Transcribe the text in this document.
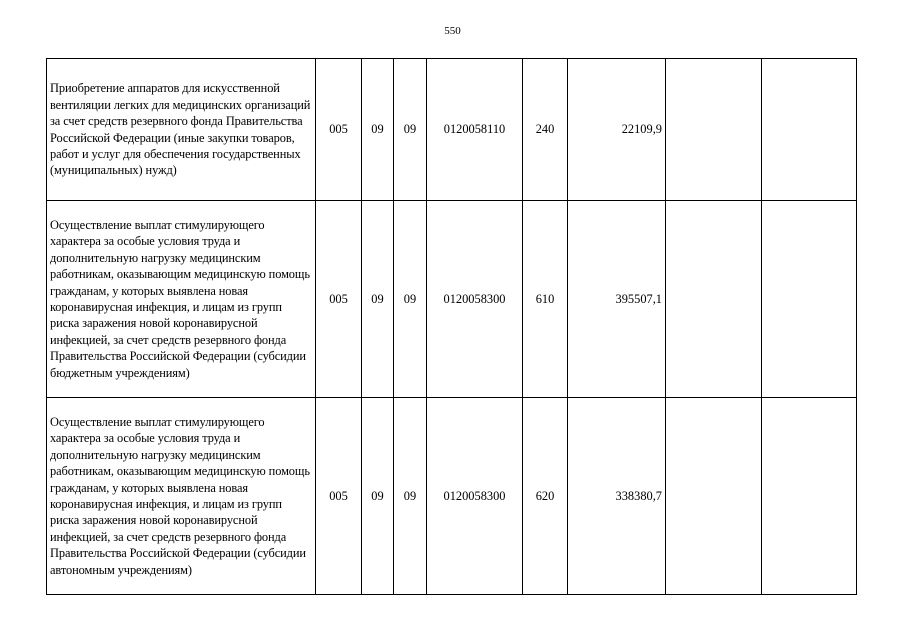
550
Приобретение аппаратов для искусственной вентиляции легких для медицинских организаций за счет средств резервного фонда Правительства Российской Федерации (иные закупки товаров, работ и услуг для обеспечения государственных (муниципальных) нужд)	005	09	09	0120058110	240	22109,9		
Осуществление выплат стимулирующего характера за особые условия труда и дополнительную нагрузку медицинским работникам, оказывающим медицинскую помощь гражданам, у которых выявлена новая коронавирусная инфекция, и лицам из групп риска заражения новой коронавирусной инфекцией, за счет средств резервного фонда Правительства Российской Федерации (субсидии бюджетным учреждениям)	005	09	09	0120058300	610	395507,1		
Осуществление выплат стимулирующего характера за особые условия труда и дополнительную нагрузку медицинским работникам, оказывающим медицинскую помощь гражданам, у которых выявлена новая коронавирусная инфекция, и лицам из групп риска заражения новой коронавирусной инфекцией, за счет средств резервного фонда Правительства Российской Федерации (субсидии автономным учреждениям)	005	09	09	0120058300	620	338380,7		
